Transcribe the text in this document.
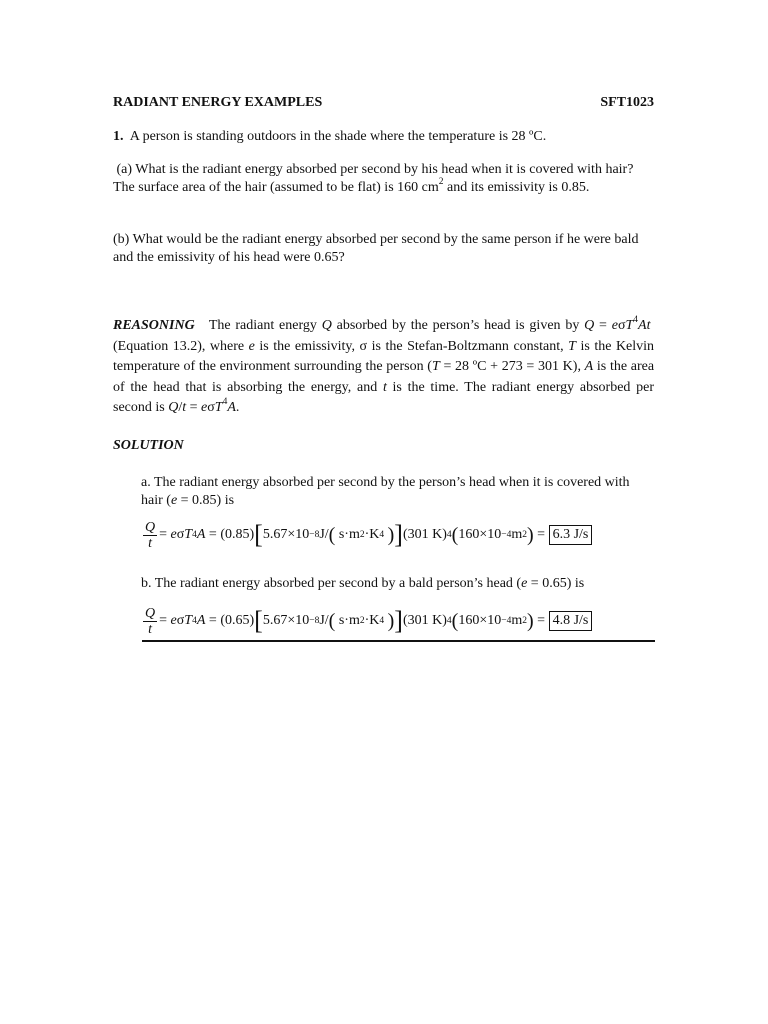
RADIANT ENERGY EXAMPLES	SFT1023
1. A person is standing outdoors in the shade where the temperature is 28 ºC.
(a) What is the radiant energy absorbed per second by his head when it is covered with hair? The surface area of the hair (assumed to be flat) is 160 $cm^2$ and its emissivity is 0.85.
(b) What would be the radiant energy absorbed per second by the same person if he were bald and the emissivity of his head were 0.65?
REASONING The radiant energy Q absorbed by the person’s head is given by Q = eσT$^4$At  (Equation 13.2), where e is the emissivity, σ is the Stefan-Boltzmann constant, T is the Kelvin temperature of the environment surrounding the person (T = 28 ºC + 273 = 301 K), A is the area of the head that is absorbing the energy, and t is the time. The radiant energy absorbed per second is Q/t = eσT$^4$A.
SOLUTION
a. The radiant energy absorbed per second by the person’s head when it is covered with hair (e = 0.85) is
$\frac{Q}{t} = e$ σ T 4 A = (0.85) [ 5.67×10 −8 J/ ( s·m 2 ·K 4
) ] (301 K) 4 ( 160×10 −4 m 2 ) = 6.3 J/s
b. The radiant energy absorbed per second by a bald person’s head (e = 0.65) is
$\frac{Q}{t} = e$ σ T 4 A = (0.65) [ 5.67×10 −8 J/ ( s·m 2 ·K 4
) ] (301 K) 4 ( 160×10 −4 m 2 ) = 4.8 J/s
